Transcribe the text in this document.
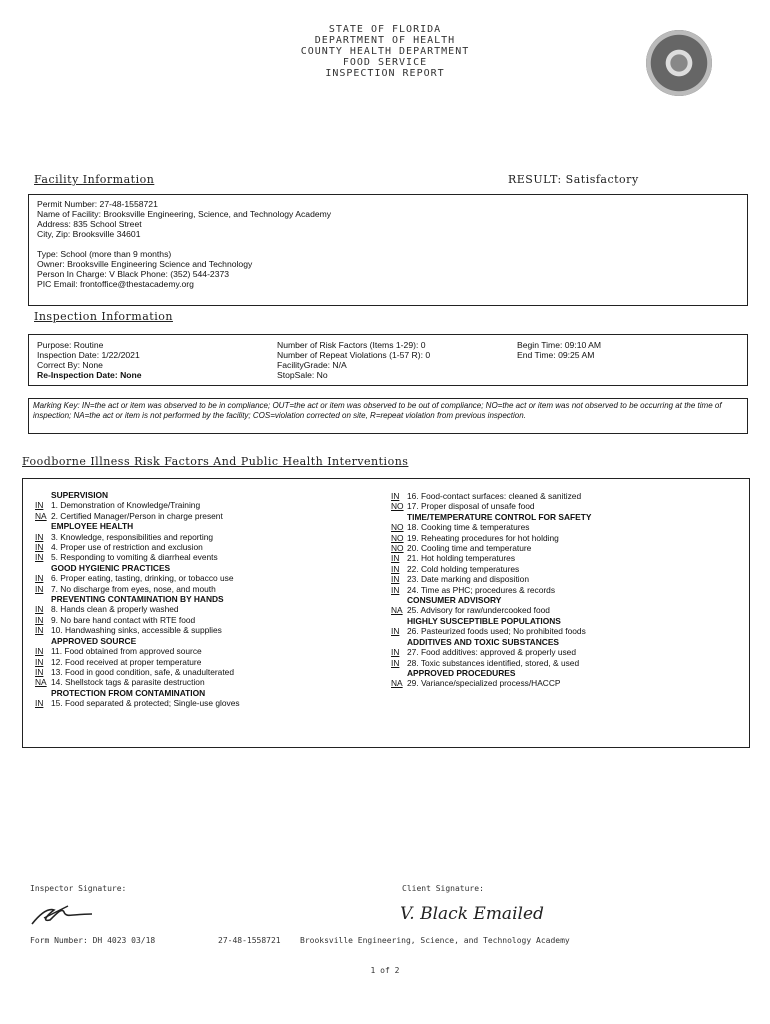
STATE OF FLORIDA
DEPARTMENT OF HEALTH
COUNTY HEALTH DEPARTMENT
FOOD SERVICE
INSPECTION REPORT
Facility Information	RESULT: Satisfactory
Permit Number: 27-48-1558721
Name of Facility: Brooksville Engineering, Science, and Technology Academy
Address: 835 School Street
City, Zip: Brooksville 34601
Type: School (more than 9 months)
Owner: Brooksville Engineering Science and Technology
Person In Charge: V Black Phone: (352) 544-2373
PIC Email: frontoffice@thestacademy.org
Inspection Information
Purpose: Routine
Inspection Date: 1/22/2021
Correct By: None
Re-Inspection Date: None
Number of Risk Factors (Items 1-29): 0
Number of Repeat Violations (1-57 R): 0
FacilityGrade: N/A
StopSale: No
Begin Time: 09:10 AM
End Time: 09:25 AM
Marking Key: IN=the act or item was observed to be in compliance; OUT=the act or item was observed to be out of compliance; NO=the act or item was not observed to be occurring at the time of inspection; NA=the act or item is not performed by the facility; COS=violation corrected on site, R=repeat violation from previous inspection.
Foodborne Illness Risk Factors And Public Health Interventions
SUPERVISION
IN 1. Demonstration of Knowledge/Training
NA 2. Certified Manager/Person in charge present
EMPLOYEE HEALTH
IN 3. Knowledge, responsibilities and reporting
IN 4. Proper use of restriction and exclusion
IN 5. Responding to vomiting & diarrheal events
GOOD HYGIENIC PRACTICES
IN 6. Proper eating, tasting, drinking, or tobacco use
IN 7. No discharge from eyes, nose, and mouth
PREVENTING CONTAMINATION BY HANDS
IN 8. Hands clean & properly washed
IN 9. No bare hand contact with RTE food
IN 10. Handwashing sinks, accessible & supplies
APPROVED SOURCE
IN 11. Food obtained from approved source
IN 12. Food received at proper temperature
IN 13. Food in good condition, safe, & unadulterated
NA 14. Shellstock tags & parasite destruction
PROTECTION FROM CONTAMINATION
IN 15. Food separated & protected; Single-use gloves
IN 16. Food-contact surfaces: cleaned & sanitized
NO 17. Proper disposal of unsafe food
TIME/TEMPERATURE CONTROL FOR SAFETY
NO 18. Cooking time & temperatures
NO 19. Reheating procedures for hot holding
NO 20. Cooling time and temperature
IN 21. Hot holding temperatures
IN 22. Cold holding temperatures
IN 23. Date marking and disposition
IN 24. Time as PHC; procedures & records
CONSUMER ADVISORY
NA 25. Advisory for raw/undercooked food
HIGHLY SUSCEPTIBLE POPULATIONS
IN 26. Pasteurized foods used; No prohibited foods
ADDITIVES AND TOXIC SUBSTANCES
IN 27. Food additives: approved & properly used
IN 28. Toxic substances identified, stored, & used
APPROVED PROCEDURES
NA 29. Variance/specialized process/HACCP
Inspector Signature:	Client Signature:
V. Black Emailed
Form Number: DH 4023 03/18	27-48-1558721 Brooksville Engineering, Science, and Technology Academy
1 of 2
